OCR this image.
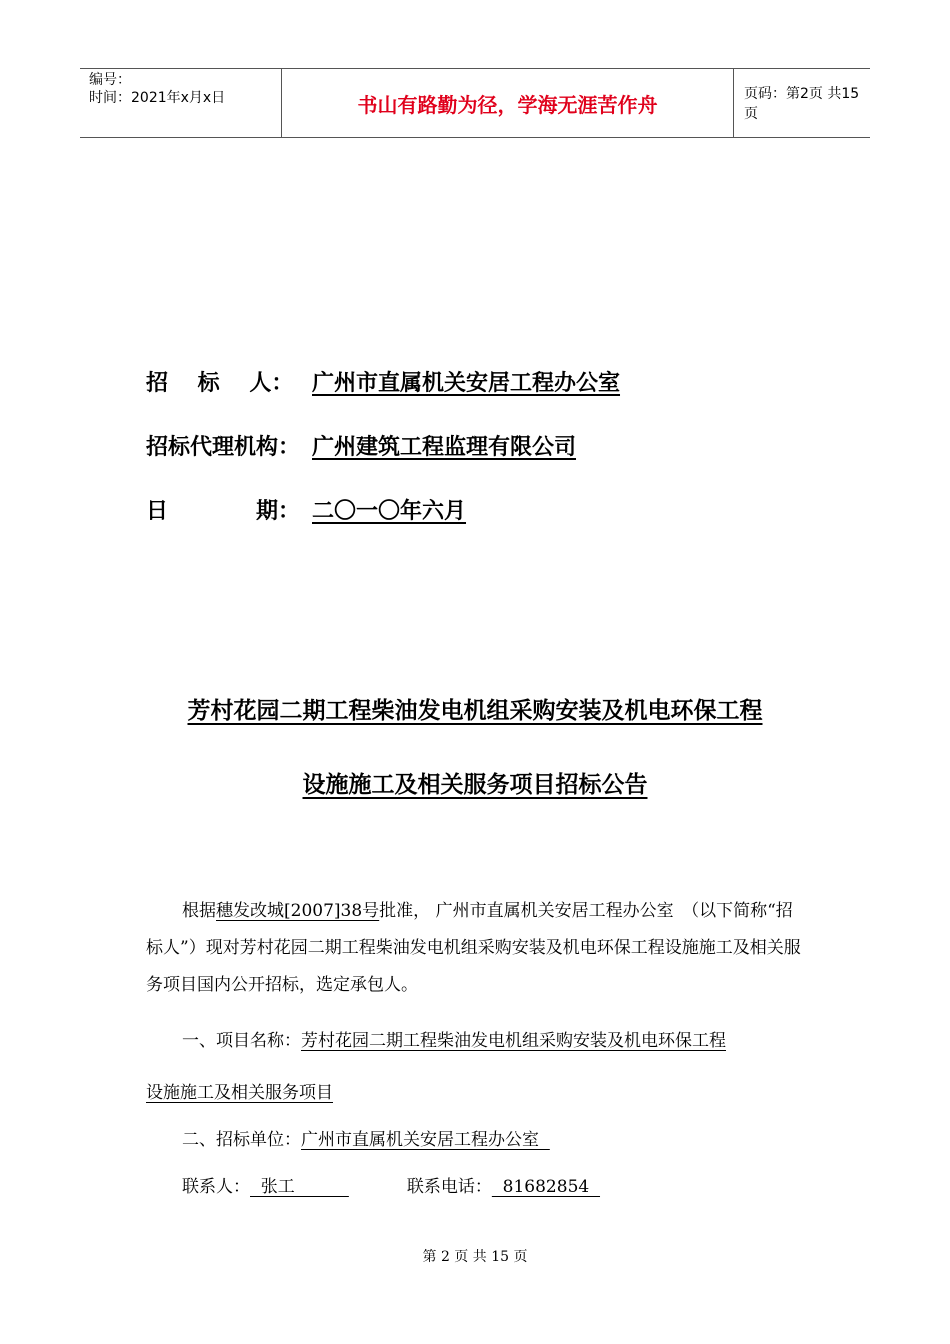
编号：
时间：2021年x月x日	书山有路勤为径，学海无涯苦作舟	页码：第2页 共15页
招　 标 　人： 广州市直属机关安居工程办公室
招标代理机构： 广州建筑工程监理有限公司
日　　　　期： 二〇一〇年六月
芳村花园二期工程柴油发电机组采购安装及机电环保工程
设施施工及相关服务项目招标公告
根据穗发改城[2007]38号批准， 广州市直属机关安居工程办公室　（以下简称“招标人”）现对芳村花园二期工程柴油发电机组采购安装及机电环保工程设施施工及相关服务项目国内公开招标，选定承包人。
一、项目名称：芳村花园二期工程柴油发电机组采购安装及机电环保工程
设施施工及相关服务项目
二、招标单位：广州市直属机关安居工程办公室
联系人：  张工	联系电话：  81682854
第 2 页 共 15 页
